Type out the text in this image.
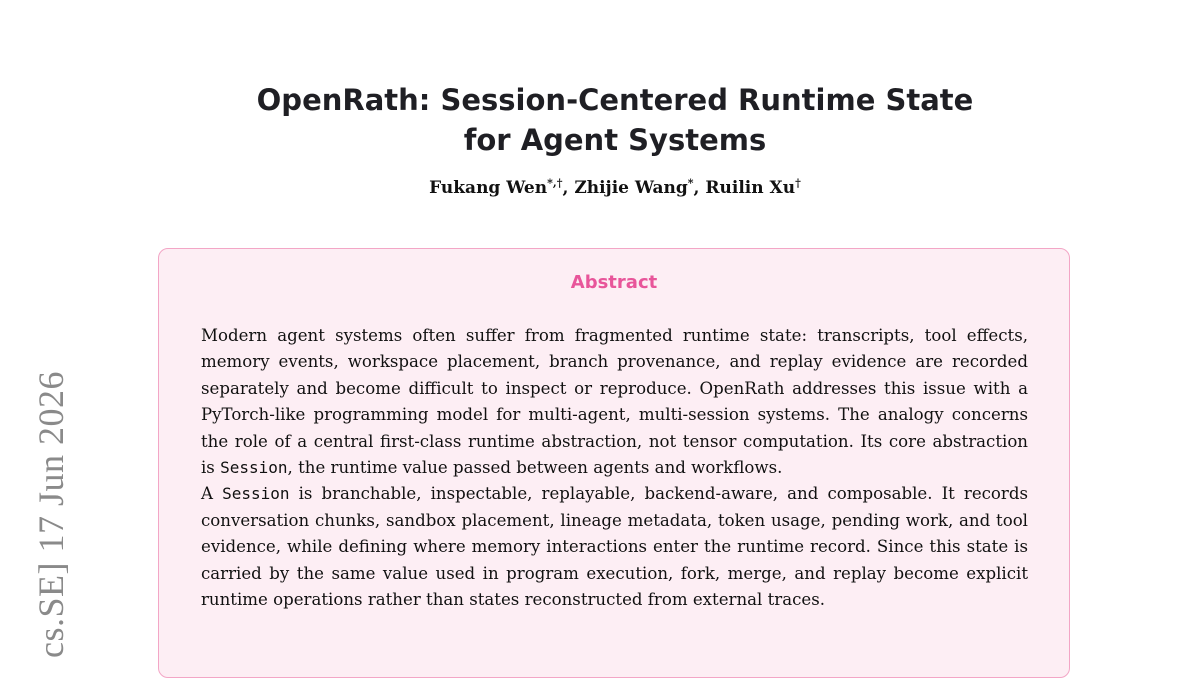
cs.SE] 17 Jun 2026
OpenRath: Session-Centered Runtime State
for Agent Systems
Fukang Wen*,†, Zhijie Wang*, Ruilin Xu†
Abstract

Modern agent systems often suffer from fragmented runtime state: transcripts, tool effects, memory events, workspace placement, branch provenance, and replay evidence are recorded separately and become difficult to inspect or reproduce. OpenRath addresses this issue with a PyTorch-like programming model for multi-agent, multi-session systems. The analogy concerns the role of a central first-class runtime abstraction, not tensor computation. Its core abstraction is Session, the runtime value passed between agents and workflows.

A Session is branchable, inspectable, replayable, backend-aware, and composable. It records conversation chunks, sandbox placement, lineage metadata, token usage, pending work, and tool evidence, while defining where memory interactions enter the runtime record. Since this state is carried by the same value used in program execution, fork, merge, and replay become explicit runtime operations rather than states reconstructed from external traces.
